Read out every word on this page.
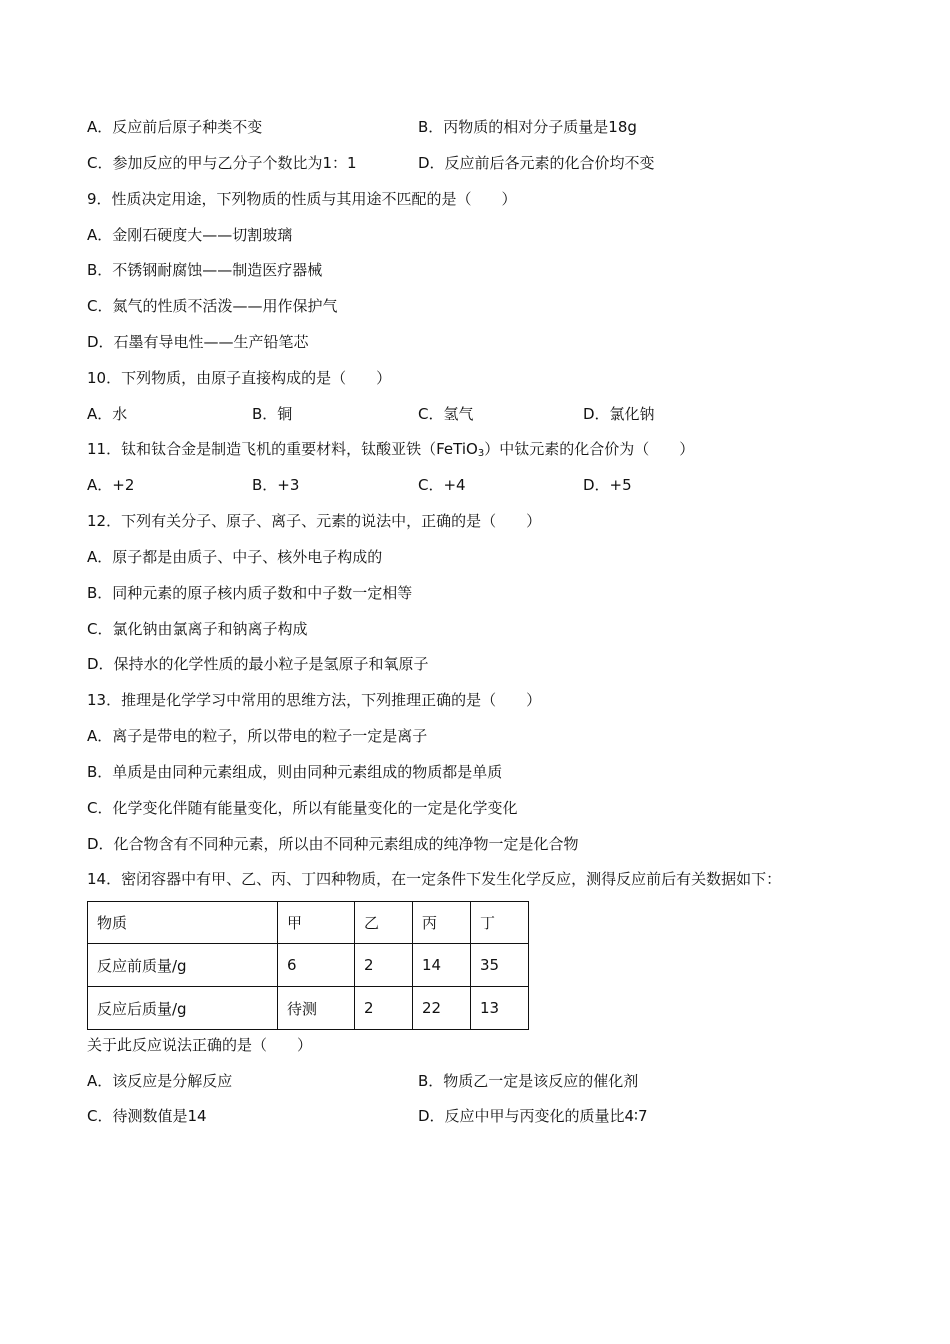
A．反应前后原子种类不变	B．丙物质的相对分子质量是18g
C．参加反应的甲与乙分子个数比为1：1	D．反应前后各元素的化合价均不变
9．性质决定用途，下列物质的性质与其用途不匹配的是（　　）
A．金刚石硬度大——切割玻璃
B．不锈钢耐腐蚀——制造医疗器械
C．氮气的性质不活泼——用作保护气
D．石墨有导电性——生产铅笔芯
10．下列物质，由原子直接构成的是（　　）
A．水	B．铜	C．氢气	D．氯化钠
11．钛和钛合金是制造飞机的重要材料，钛酸亚铁（FeTiO$_3$）中钛元素的化合价为（　　）
A．+2	B．+3	C．+4	D．+5
12．下列有关分子、原子、离子、元素的说法中，正确的是（　　）
A．原子都是由质子、中子、核外电子构成的
B．同种元素的原子核内质子数和中子数一定相等
C．氯化钠由氯离子和钠离子构成
D．保持水的化学性质的最小粒子是氢原子和氧原子
13．推理是化学学习中常用的思维方法，下列推理正确的是（　　）
A．离子是带电的粒子，所以带电的粒子一定是离子
B．单质是由同种元素组成，则由同种元素组成的物质都是单质
C．化学变化伴随有能量变化，所以有能量变化的一定是化学变化
D．化合物含有不同种元素，所以由不同种元素组成的纯净物一定是化合物
14．密闭容器中有甲、乙、丙、丁四种物质，在一定条件下发生化学反应，测得反应前后有关数据如下：
物质	甲	乙	丙	丁
反应前质量/g	6	2	14	35
反应后质量/g	待测	2	22	13
关于此反应说法正确的是（　　）
A．该反应是分解反应	B．物质乙一定是该反应的催化剂
C．待测数值是14	D．反应中甲与丙变化的质量比4∶7
